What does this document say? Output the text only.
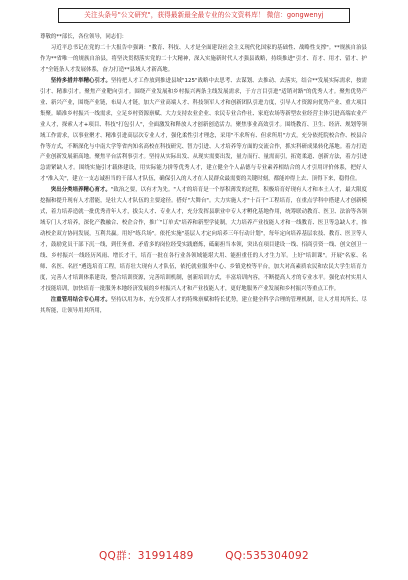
关注头条号"公文研究"，获得最新最全最专业的公文资料库！ 微信：gongwenyj

尊敬的**部长，各位领导，同志们：

习近平总书记在党的二十大报告中强调："教育、科技、人才是全面建设社会主义现代化国家的基础性、战略性支撑"。**规族自治县作为**省唯一的规族自治县，将坚决贯彻落实党的二十大精神，深入实施新时代人才强县战略，持续推进"引才、育才、用才、留才、护才"全链条人才发展体系，奋力打造**县域人才新高地。

坚持多措并举精心引才。坚持把人才工作放到推进县域"125"战略中去思考、去谋划、去推动、去落实，结合**发展实际需求，按需引才、精准引才。聚焦产业靶向引才。围绕产业发展和乡村振兴两条主线发展需求，于方言目引进"适销对路"的优秀人才。聚焦优势产业、新兴产业，围绕产业链，布局人才链，加大产业高端人才、科技领军人才和创新团队引进力度，引导人才资源向优势产业、重大项目集聚。瞄准乡村振兴一线需求，立足乡村资源禀赋、大力支持农业企业、农民专业合作社、家庭农场等新型农业经营主体引进高端农业产业人才，探索人才+项目、科技"打包引人"，全面激发和释放人才创新创造活力。聚焦事业高效引才。围绕教育、卫生、经济、规划等领域工作需求，以事业聚才、精准引进高层次专业人才，强化柔性引才理念，采用"不求所有、但求所用"方式，充分依托院校合作、校县合作等方式，不断深化与中南大学等省内知名高校在科技研究、智力引进、人才培养等方面的交流合作，抓实科研成果转化落地。着力打造产业创新发展新高地。聚焦平台活利事引才。坚持从实际出发、从现实需要出发，量力而行、量需而引，拓宽柔道、创新方法，着力引进急需紧缺人才。围绕实施引才载体建设，用实际能力拼等优秀人才，建立健全个人品德与专业素养相结合的人才引用评价体系，把好人才"准入关"，建立一支志诚担当的干部人才队伍，确保引入的人才在人民群众最需要的关键时刻，都能冲得上去、顶得下来，稳得住。

突出分类培养精心育才。"致治之要，以有才为先。"人才的培育是一个厚积薄发的过程，积极培育好现有人才和本土人才，最大限度挖掘和提升现有人才潜能，是壮大人才队伍的主要途径。搭好"大舞台"。大力实施人才"十百千"工程培育，在重点学科中搭建人才创新模式，着力培养造就一批优秀青年人才，拔尖人才、专业人才，充分发挥县职业中专人才孵化基地作用，统筹联动教育、医卫、法治等各领域专门人才培养，深化产教融合、校企合作，推广"订单式"培养和新型学徒制，大力培养产业技能人才和一线教育、医卫等急缺人才，推动校企双方协同发展，互利共赢。用好"练兵场"。依托实施"基层人才定向培养三年行动计划"，每年定向培养基层农技、教育、医卫等人才，鼓励党员干部下沉一线，到任务重、矛盾多的岗位经受实践磨炼，砥砺担当本领，突出在项目建设一线、招商引资一线、创文创卫一线、乡村振兴一线经历风雨、增长才干，培育一批在各行业各领域能堪大用、能担重任的人才生力军。上好"培训课"。开展"名家、名师、名医、名匠"遴选培育工程，培育壮大现有人才队伍，依托就业服务中心、乡镇党校等平台，加大对高素质农民和农民大学生培育力度，完善人才培训体系建设，整合培训资源，完善培训机制，创新培训方式，丰富培训内容，不断提高人才的专业水平。强化农村实用人才技能培训，加快培育一批服务本地经济发展的乡村振兴人才和产业技能人才，更好地服务产业发展和乡村振兴等重点工作。

注重管用结合专心用才。坚持以用为本，充分发挥人才的特殊禀赋和特长优势，建立健全科学合理的管理机制，让人才用其所长、尽其所能，让领导用其所用，

QQ群：31991489	QQ:535304092
